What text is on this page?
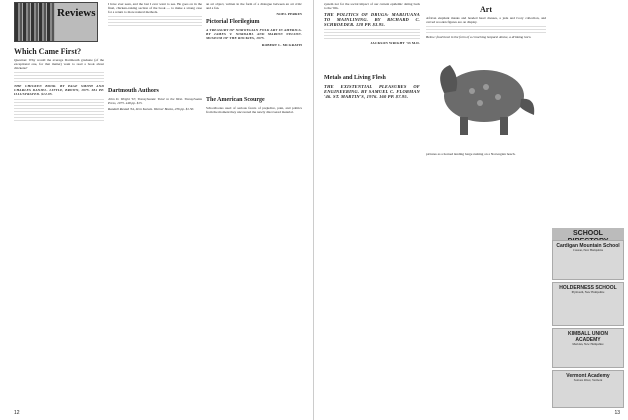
Reviews
Which Came First?

Question: Why would the average Dartmouth graduate (of the exceptional one, for that matter) want to read a book about chickens?

THE CHICKEN BOOK. BY PAGE SMITH AND CHARLES DANIEL. LITTLE, BROWN, 1975. 384 PP. ILLUSTRATED. $12.95.

I have ever seen, and the last I ever want to see. He goes on in the final, chicken-raising section of the book — to make a strong case for a return to more natural methods.

Dartmouth Authors

John D. Wright '67, Transylvania: Tutor to the West. Transylvania Press, 1975. 448 pp. $15.

Randall Rustad '64, Zero Karats. Warner Books, 236 pp. $1.50.

an art object, written in the form of a dialogue between an art critic and a fan.

NOEL PERRIN

Pictorial Florilegium

A TREASURY OF NORWEGIAN FOLK ART IN AMERICA. BY JAMES V. NORDAHL AND MARION NELSON. MUSEUM OF THE ROCKIES, 1975.

ROBERT L. MCGRATH

The American Scourge

Schoolbooks used of serious facets of prejudice, pain, and politics from the moment they uncovered the newly discovered material.

12

system not for the social impact of our current epidemic dating back to the '60s.

THE POLITICS OF DRUGS: MARIJUANA TO MAINLINING. BY RICHARD C. SCHROEDER. 128 PP. $3.95.

JACKSON WRIGHT '33 M.D.

Metals and Living Flesh

THE EXISTENTIAL PLEASURES OF ENGINEERING. BY SAMUEL C. FLORMAN '46. ST. MARTIN'S, 1976. 160 PP. $7.95.

Art

African elephant masks and beaded head dresses, a jade and ivory collection, and carved wooden figures are on display.

Below: food bowl in the form of a crouching leopard. Above, a drinking horn.

pictures as a horned landing barge rushing on a Norwegian beach.

SCHOOL
Cardigan Mountain School
Canaan, New Hampshire
HOLDERNESS SCHOOL
Plymouth, New Hampshire
KIMBALL UNION ACADEMY
Meriden, New Hampshire
Vermont Academy
Saxtons River, Vermont
13
